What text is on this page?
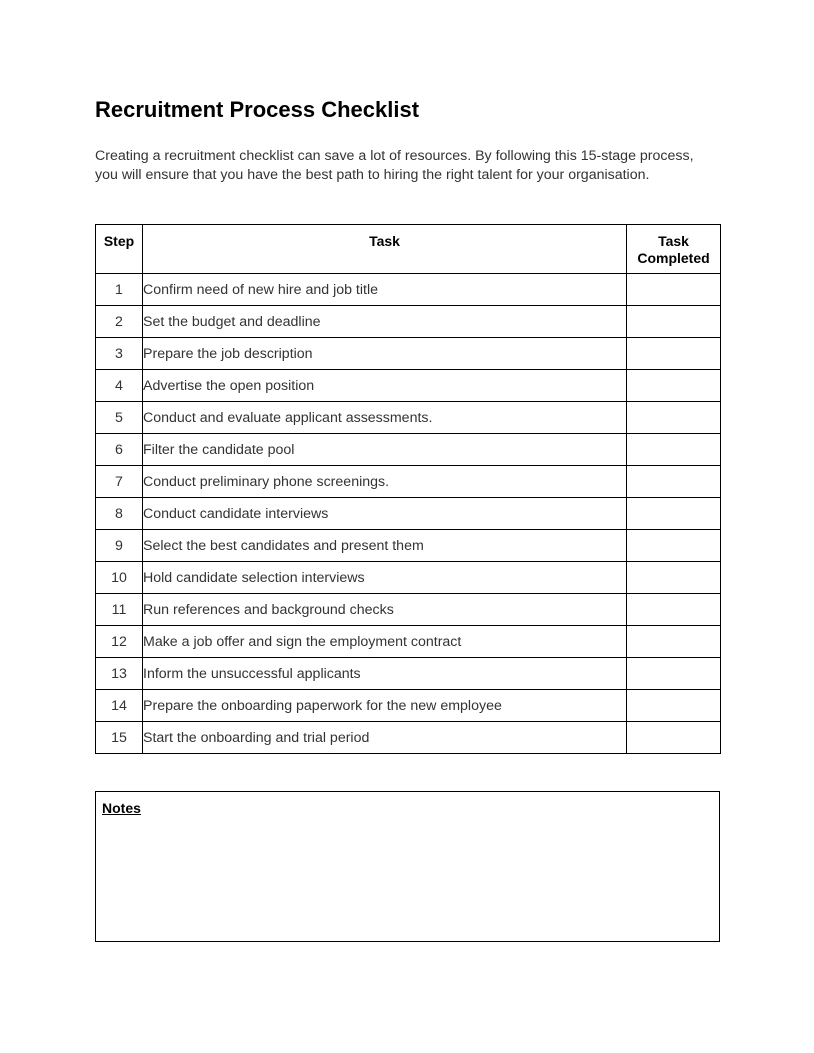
Recruitment Process Checklist

Creating a recruitment checklist can save a lot of resources. By following this 15-stage process,
you will ensure that you have the best path to hiring the right talent for your organisation.

Step	Task	Task
Completed
1	Confirm need of new hire and job title	
2	Set the budget and deadline	
3	Prepare the job description	
4	Advertise the open position	
5	Conduct and evaluate applicant assessments.	
6	Filter the candidate pool	
7	Conduct preliminary phone screenings.	
8	Conduct candidate interviews	
9	Select the best candidates and present them	
10	Hold candidate selection interviews	
11	Run references and background checks	
12	Make a job offer and sign the employment contract	
13	Inform the unsuccessful applicants	
14	Prepare the onboarding paperwork for the new employee	
15	Start the onboarding and trial period	
Notes
